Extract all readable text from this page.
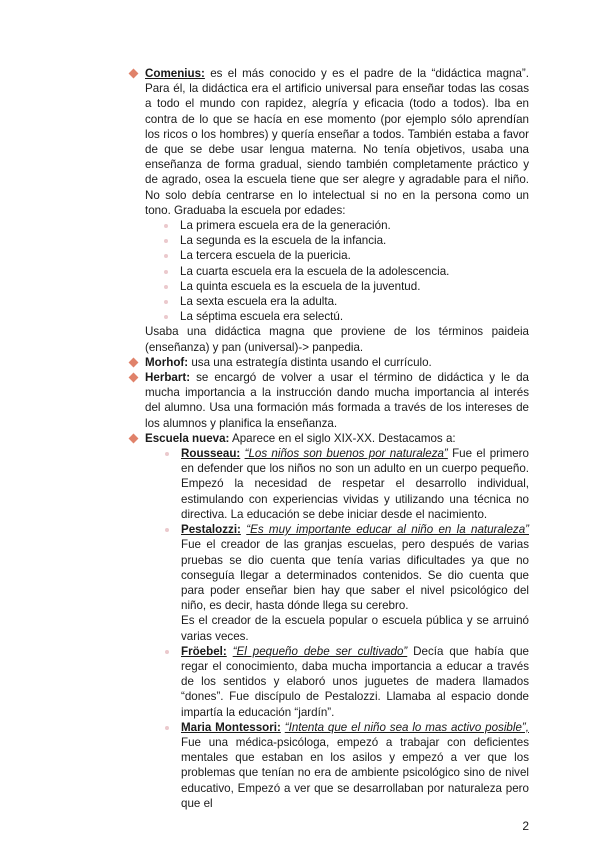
Comenius: es el más conocido y es el padre de la “didáctica magna”. Para él, la didáctica era el artificio universal para enseñar todas las cosas a todo el mundo con rapidez, alegría y eficacia (todo a todos). Iba en contra de lo que se hacía en ese momento (por ejemplo sólo aprendían los ricos o los hombres) y quería enseñar a todos. También estaba a favor de que se debe usar lengua materna. No tenía objetivos, usaba una enseñanza de forma gradual, siendo también completamente práctico y de agrado, osea la escuela tiene que ser alegre y agradable para el niño. No solo debía centrarse en lo intelectual si no en la persona como un tono. Graduaba la escuela por edades:

La primera escuela era de la generación.
La segunda es la escuela de la infancia.
La tercera escuela de la puericia.
La cuarta escuela era la escuela de la adolescencia.
La quinta escuela es la escuela de la juventud.
La sexta escuela era la adulta.
La séptima escuela era selectú.

Usaba una didáctica magna que proviene de los términos paideia (enseñanza) y pan (universal)-> panpedia.

Morhof: usa una estrategía distinta usando el currículo.

Herbart: se encargó de volver a usar el término de didáctica y le da mucha importancia a la instrucción dando mucha importancia al interés del alumno. Usa una formación más formada a través de los intereses de los alumnos y planifica la enseñanza.

Escuela nueva: Aparece en el siglo XIX-XX. Destacamos a:

Rousseau: “Los niños son buenos por naturaleza” Fue el primero en defender que los niños no son un adulto en un cuerpo pequeño. Empezó la necesidad de respetar el desarrollo individual, estimulando con experiencias vividas y utilizando una técnica no directiva. La educación se debe iniciar desde el nacimiento.

Pestalozzi: “Es muy importante educar al niño en la naturaleza” Fue el creador de las granjas escuelas, pero después de varias pruebas se dio cuenta que tenía varias dificultades ya que no conseguía llegar a determinados contenidos. Se dio cuenta que para poder enseñar bien hay que saber el nivel psicológico del niño, es decir, hasta dónde llega su cerebro.

Es el creador de la escuela popular o escuela pública y se arruinó varias veces.

Fröebel: “El pequeño debe ser cultivado” Decía que había que regar el conocimiento, daba mucha importancia a educar a través de los sentidos y elaboró unos juguetes de madera llamados “dones”. Fue discípulo de Pestalozzi. Llamaba al espacio donde impartía la educación “jardín”.

Maria Montessori: “Intenta que el niño sea lo mas activo posible”, Fue una médica-psicóloga, empezó a trabajar con deficientes mentales que estaban en los asilos y empezó a ver que los problemas que tenían no era de ambiente psicológico sino de nivel educativo, Empezó a ver que se desarrollaban por naturaleza pero que el

2
